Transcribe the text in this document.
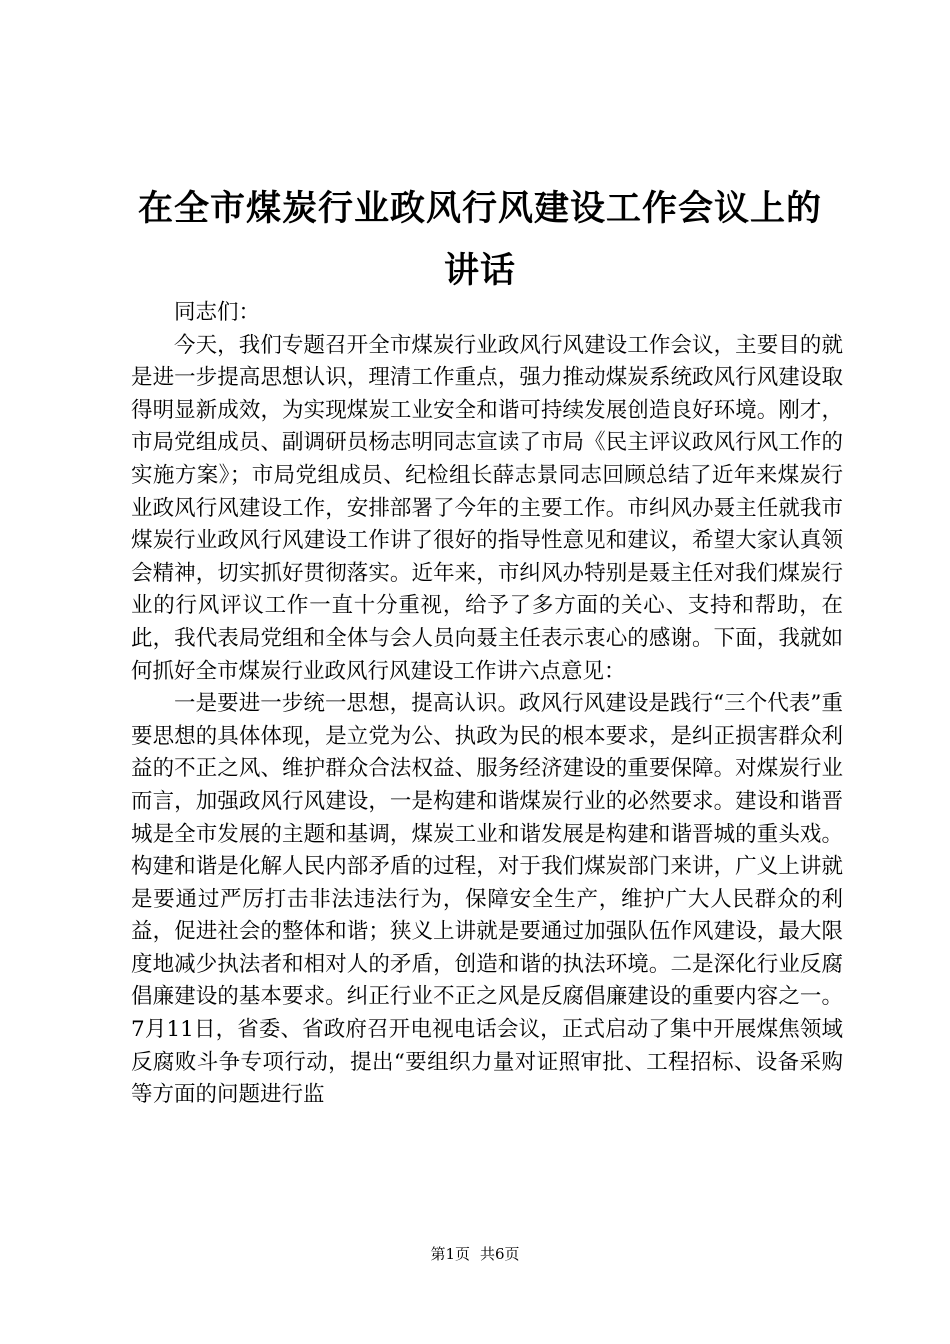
在全市煤炭行业政风行风建设工作会议上的讲话

同志们：

今天，我们专题召开全市煤炭行业政风行风建设工作会议，主要目的就是进一步提高思想认识，理清工作重点，强力推动煤炭系统政风行风建设取得明显新成效，为实现煤炭工业安全和谐可持续发展创造良好环境。刚才，市局党组成员、副调研员杨志明同志宣读了市局《民主评议政风行风工作的实施方案》；市局党组成员、纪检组长薛志景同志回顾总结了近年来煤炭行业政风行风建设工作，安排部署了今年的主要工作。市纠风办聂主任就我市煤炭行业政风行风建设工作讲了很好的指导性意见和建议，希望大家认真领会精神，切实抓好贯彻落实。近年来，市纠风办特别是聂主任对我们煤炭行业的行风评议工作一直十分重视，给予了多方面的关心、支持和帮助，在此，我代表局党组和全体与会人员向聂主任表示衷心的感谢。下面，我就如何抓好全市煤炭行业政风行风建设工作讲六点意见：

一是要进一步统一思想，提高认识。政风行风建设是践行“三个代表”重要思想的具体体现，是立党为公、执政为民的根本要求，是纠正损害群众利益的不正之风、维护群众合法权益、服务经济建设的重要保障。对煤炭行业而言，加强政风行风建设，一是构建和谐煤炭行业的必然要求。建设和谐晋城是全市发展的主题和基调，煤炭工业和谐发展是构建和谐晋城的重头戏。构建和谐是化解人民内部矛盾的过程，对于我们煤炭部门来讲，广义上讲就是要通过严厉打击非法违法行为，保障安全生产，维护广大人民群众的利益，促进社会的整体和谐；狭义上讲就是要通过加强队伍作风建设，最大限度地减少执法者和相对人的矛盾，创造和谐的执法环境。二是深化行业反腐倡廉建设的基本要求。纠正行业不正之风是反腐倡廉建设的重要内容之一。7月11日，省委、省政府召开电视电话会议，正式启动了集中开展煤焦领域反腐败斗争专项行动，提出“要组织力量对证照审批、工程招标、设备采购等方面的问题进行监

第1页 共6页
